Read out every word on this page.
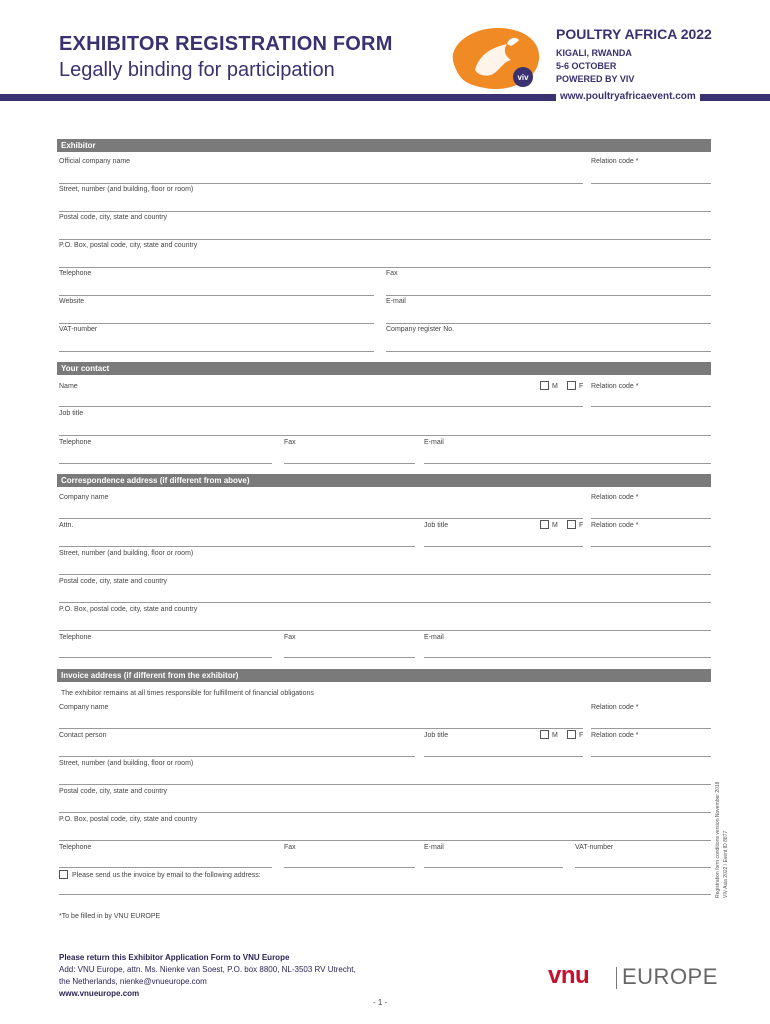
EXHIBITOR REGISTRATION FORM
Legally binding for participation	viv
POULTRY AFRICA 2022
KIGALI, RWANDA
5-6 OCTOBER
POWERED BY VIV
www.poultryafricaevent.com
Exhibitor
Official company name	Relation code *
Street, number (and building, floor or room)
Postal code, city, state and country
P.O. Box, postal code, city, state and country
Telephone	Fax
Website	E-mail
VAT-number	Company register No.
Your contact
Name	M	F Relation code *
Job title
Telephone	Fax	E-mail
Correspondence address (if different from above)
Company name	Relation code *
Attn.	Job title	M	F Relation code *
Street, number (and building, floor or room)
Postal code, city, state and country
P.O. Box, postal code, city, state and country
Telephone	Fax	E-mail
Invoice address (if different from the exhibitor)
The exhibitor remains at all times responsible for fulfillment of financial obligations
Company name	Relation code *
Contact person	Job title	M	F Relation code *
Street, number (and building, floor or room)
Postal code, city, state and country
P.O. Box, postal code, city, state and country
Telephone	Fax	E-mail	VAT-number
Please send us the invoice by email to the following address:	Registration form conditions version November 2018 VIV Asia 2022 / Event ID 8877
*To be filled in by VNU EUROPE
Please return this Exhibitor Application Form to VNU Europe
Add: VNU Europe, attn. Ms. Nienke van Soest, P.O. box 8800, NL-3503 RV Utrecht,
the Netherlands, nienke@vnueurope.com
www.vnueurope.com
vnu EUROPE
- 1 -
